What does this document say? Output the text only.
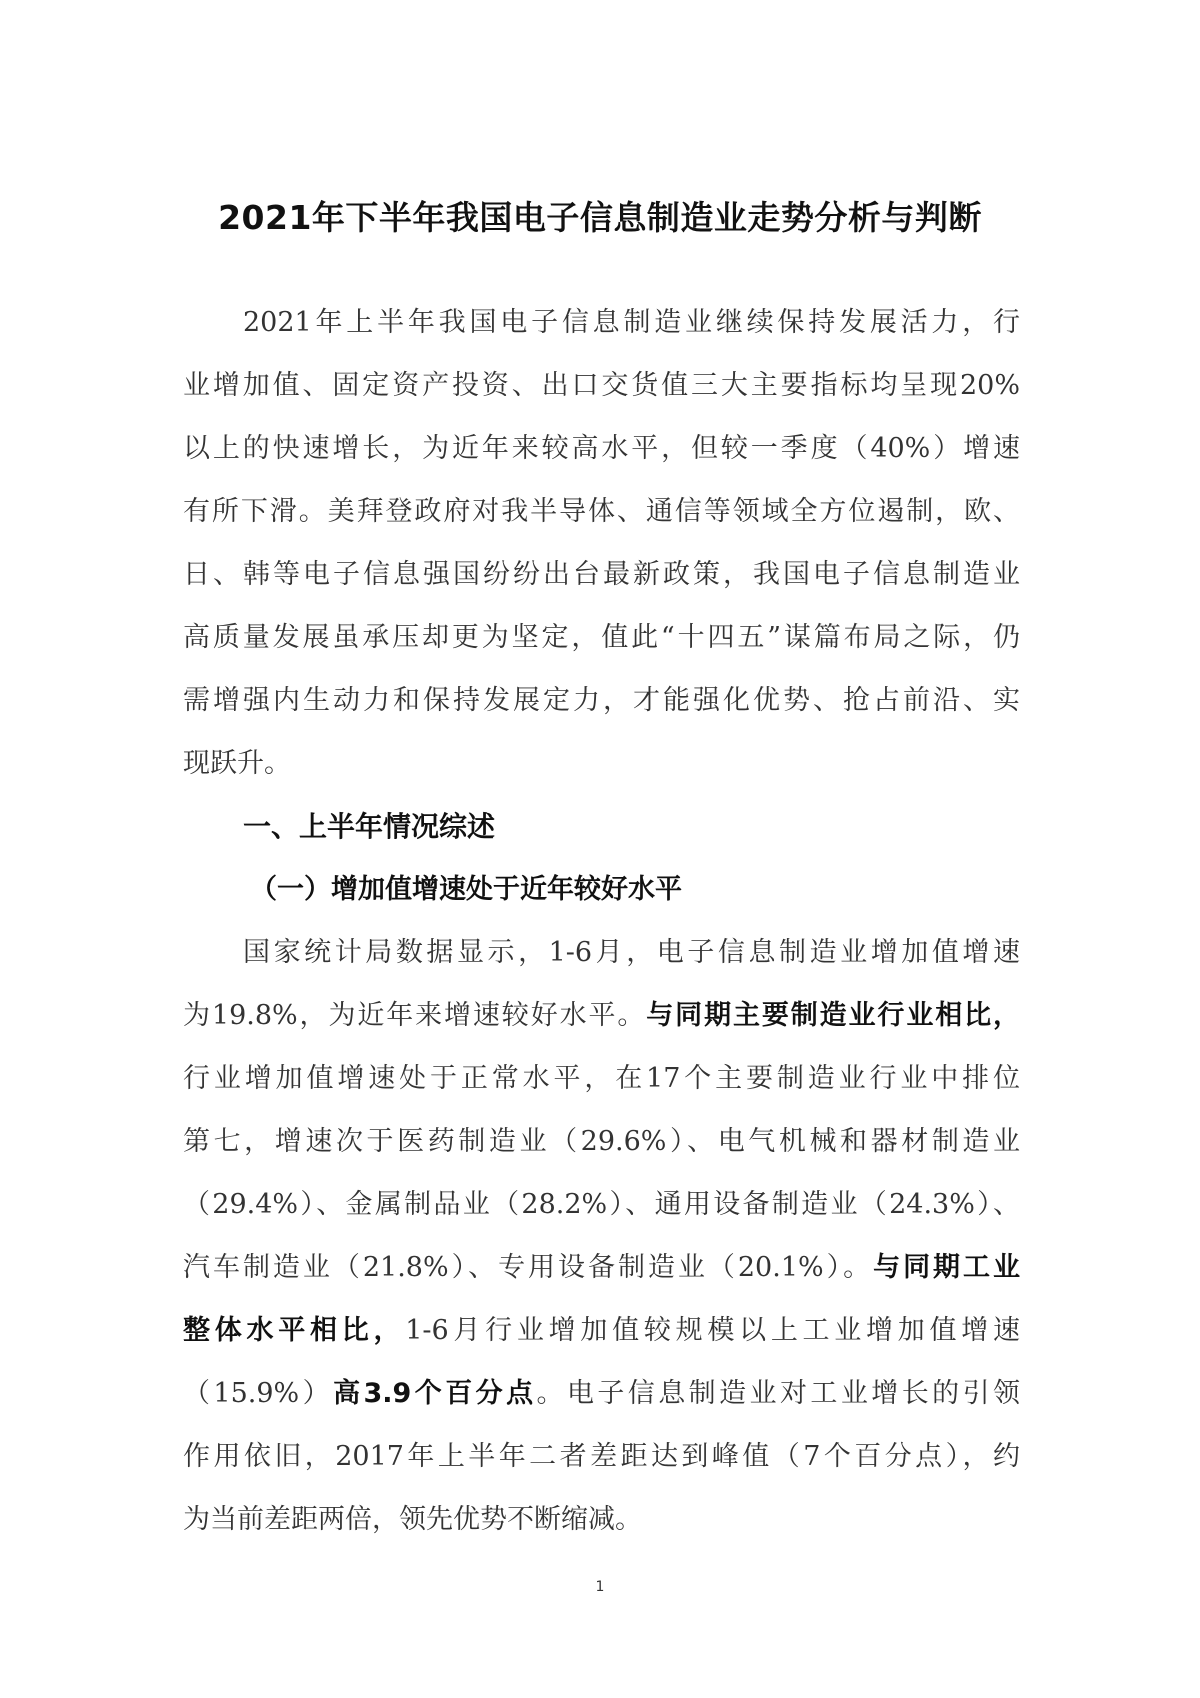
2021年下半年我国电子信息制造业走势分析与判断
2021年上半年我国电子信息制造业继续保持发展活力，行
业增加值、固定资产投资、出口交货值三大主要指标均呈现20%
以上的快速增长，为近年来较高水平，但较一季度（40%）增速
有所下滑。美拜登政府对我半导体、通信等领域全方位遏制，欧、
日、韩等电子信息强国纷纷出台最新政策，我国电子信息制造业
高质量发展虽承压却更为坚定，值此“十四五”谋篇布局之际，仍
需增强内生动力和保持发展定力，才能强化优势、抢占前沿、实
现跃升。
一、上半年情况综述
（一）增加值增速处于近年较好水平
国家统计局数据显示，1-6月，电子信息制造业增加值增速
为19.8%，为近年来增速较好水平。与同期主要制造业行业相比，
行业增加值增速处于正常水平，在17个主要制造业行业中排位
第七，增速次于医药制造业（29.6%）、电气机械和器材制造业
（29.4%）、金属制品业（28.2%）、通用设备制造业（24.3%）、
汽车制造业（21.8%）、专用设备制造业（20.1%）。与同期工业
整体水平相比，1-6月行业增加值较规模以上工业增加值增速
（15.9%）高3.9个百分点。电子信息制造业对工业增长的引领
作用依旧，2017年上半年二者差距达到峰值（7个百分点），约
为当前差距两倍，领先优势不断缩减。
1
